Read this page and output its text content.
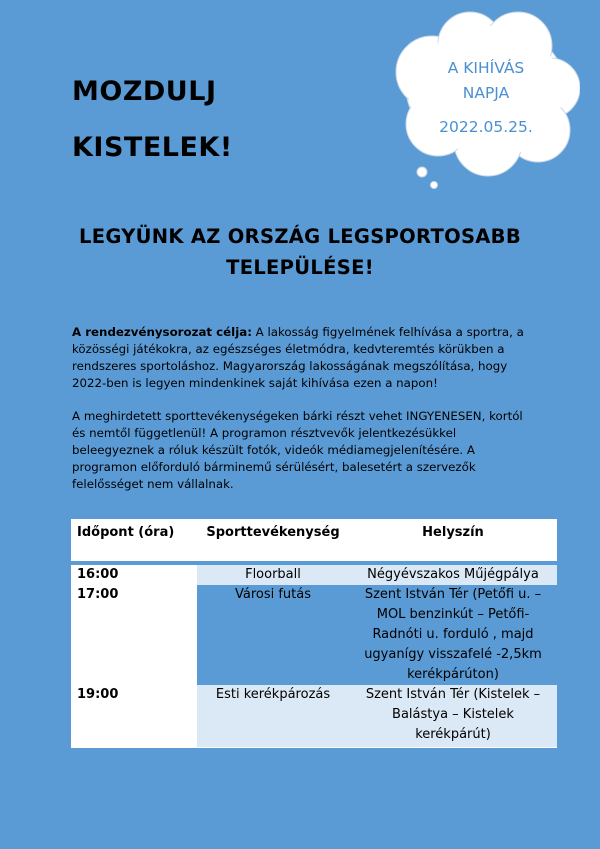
MOZDULJ
KISTELEK!
A KIHÍVÁS
NAPJA
2022.05.25.
LEGYÜNK AZ ORSZÁG LEGSPORTOSABB
TELEPÜLÉSE!
A rendezvénysorozat célja: A lakosság figyelmének felhívása a sportra, a közösségi játékokra, az egészséges életmódra, kedvteremtés körükben a rendszeres sportoláshoz. Magyarország lakosságának megszólítása, hogy 2022-ben is legyen mindenkinek saját kihívása ezen a napon!
A meghirdetett sporttevékenységeken bárki részt vehet INGYENESEN, kortól és nemtől függetlenül! A programon résztvevők jelentkezésükkel beleegyeznek a róluk készült fotók, videók médiamegjelenítésére. A programon előforduló bárminemű sérülésért, balesetért a szervezők felelősséget nem vállalnak.
Időpont (óra)	Sporttevékenység	Helyszín

16:00	Floorball	Négyévszakos Műjégpálya
17:00	Városi futás	Szent István Tér (Petőfi u. – MOL benzinkút – Petőfi-Radnóti u. forduló , majd ugyanígy visszafelé -2,5km kerékpárúton)
19:00	Esti kerékpározás	Szent István Tér (Kistelek – Balástya – Kistelek kerékpárút)
